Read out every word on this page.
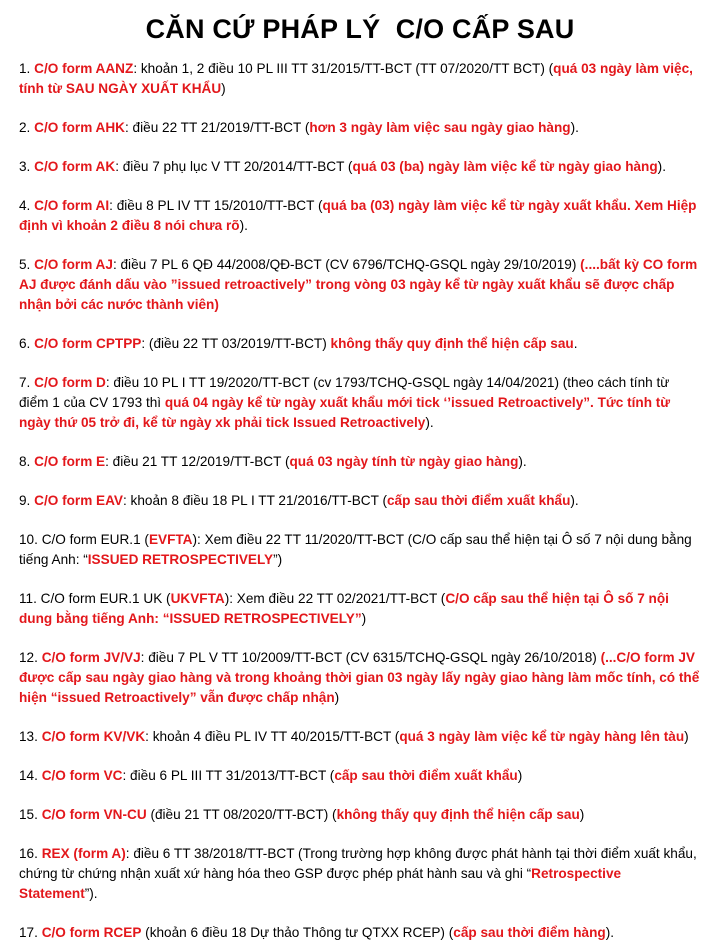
CĂN CỨ PHÁP LÝ  C/O CẤP SAU
1. C/O form AANZ: khoản 1, 2 điều 10 PL III TT 31/2015/TT-BCT (TT 07/2020/TT BCT) (quá 03 ngày làm việc, tính từ SAU NGÀY XUẤT KHẨU)
2. C/O form AHK: điều 22 TT 21/2019/TT-BCT (hơn 3 ngày làm việc sau ngày giao hàng).
3. C/O form AK: điều 7 phụ lục V TT 20/2014/TT-BCT (quá 03 (ba) ngày làm việc kể từ ngày giao hàng).
4. C/O form AI: điều 8 PL IV TT 15/2010/TT-BCT (quá ba (03) ngày làm việc kể từ ngày xuất khẩu. Xem Hiệp định vì khoản 2 điều 8 nói chưa rõ).
5. C/O form AJ: điều 7 PL 6 QĐ 44/2008/QĐ-BCT (CV 6796/TCHQ-GSQL ngày 29/10/2019) (....bất kỳ CO form AJ được đánh dấu vào ”issued retroactively” trong vòng 03 ngày kể từ ngày xuất khẩu sẽ được chấp nhận bởi các nước thành viên)
6. C/O form CPTPP: (điều 22 TT 03/2019/TT-BCT) không thấy quy định thể hiện cấp sau.
7. C/O form D: điều 10 PL I TT 19/2020/TT-BCT (cv 1793/TCHQ-GSQL ngày 14/04/2021) (theo cách tính từ điểm 1 của CV 1793 thì quá 04 ngày kể từ ngày xuất khẩu mới tick ‘’issued Retroactively”. Tức tính từ ngày thứ 05 trở đi, kể từ ngày xk phải tick Issued Retroactively).
8. C/O form E: điều 21 TT 12/2019/TT-BCT (quá 03 ngày tính từ ngày giao hàng).
9. C/O form EAV: khoản 8 điều 18 PL I TT 21/2016/TT-BCT (cấp sau thời điểm xuất khẩu).
10. C/O form EUR.1 (EVFTA): Xem điều 22 TT 11/2020/TT-BCT (C/O cấp sau thể hiện tại Ô số 7 nội dung bằng tiếng Anh: “ISSUED RETROSPECTIVELY”)
11. C/O form EUR.1 UK (UKVFTA): Xem điều 22 TT 02/2021/TT-BCT (C/O cấp sau thể hiện tại Ô số 7 nội dung bằng tiếng Anh: “ISSUED RETROSPECTIVELY”)
12. C/O form JV/VJ: điều 7 PL V TT 10/2009/TT-BCT (CV 6315/TCHQ-GSQL ngày 26/10/2018) (...C/O form JV được cấp sau ngày giao hàng và trong khoảng thời gian 03 ngày lấy ngày giao hàng làm mốc tính, có thể hiện “issued Retroactively” vẫn được chấp nhận)
13. C/O form KV/VK: khoản 4 điều PL IV TT 40/2015/TT-BCT (quá 3 ngày làm việc kể từ ngày hàng lên tàu)
14. C/O form VC: điều 6 PL III TT 31/2013/TT-BCT (cấp sau thời điểm xuất khẩu)
15. C/O form VN-CU (điều 21 TT 08/2020/TT-BCT) (không thấy quy định thể hiện cấp sau)
16. REX (form A): điều 6 TT 38/2018/TT-BCT (Trong trường hợp không được phát hành tại thời điểm xuất khẩu, chứng từ chứng nhận xuất xứ hàng hóa theo GSP được phép phát hành sau và ghi “Retrospective Statement”).
17. C/O form RCEP (khoản 6 điều 18 Dự thảo Thông tư QTXX RCEP) (cấp sau thời điểm hàng).
